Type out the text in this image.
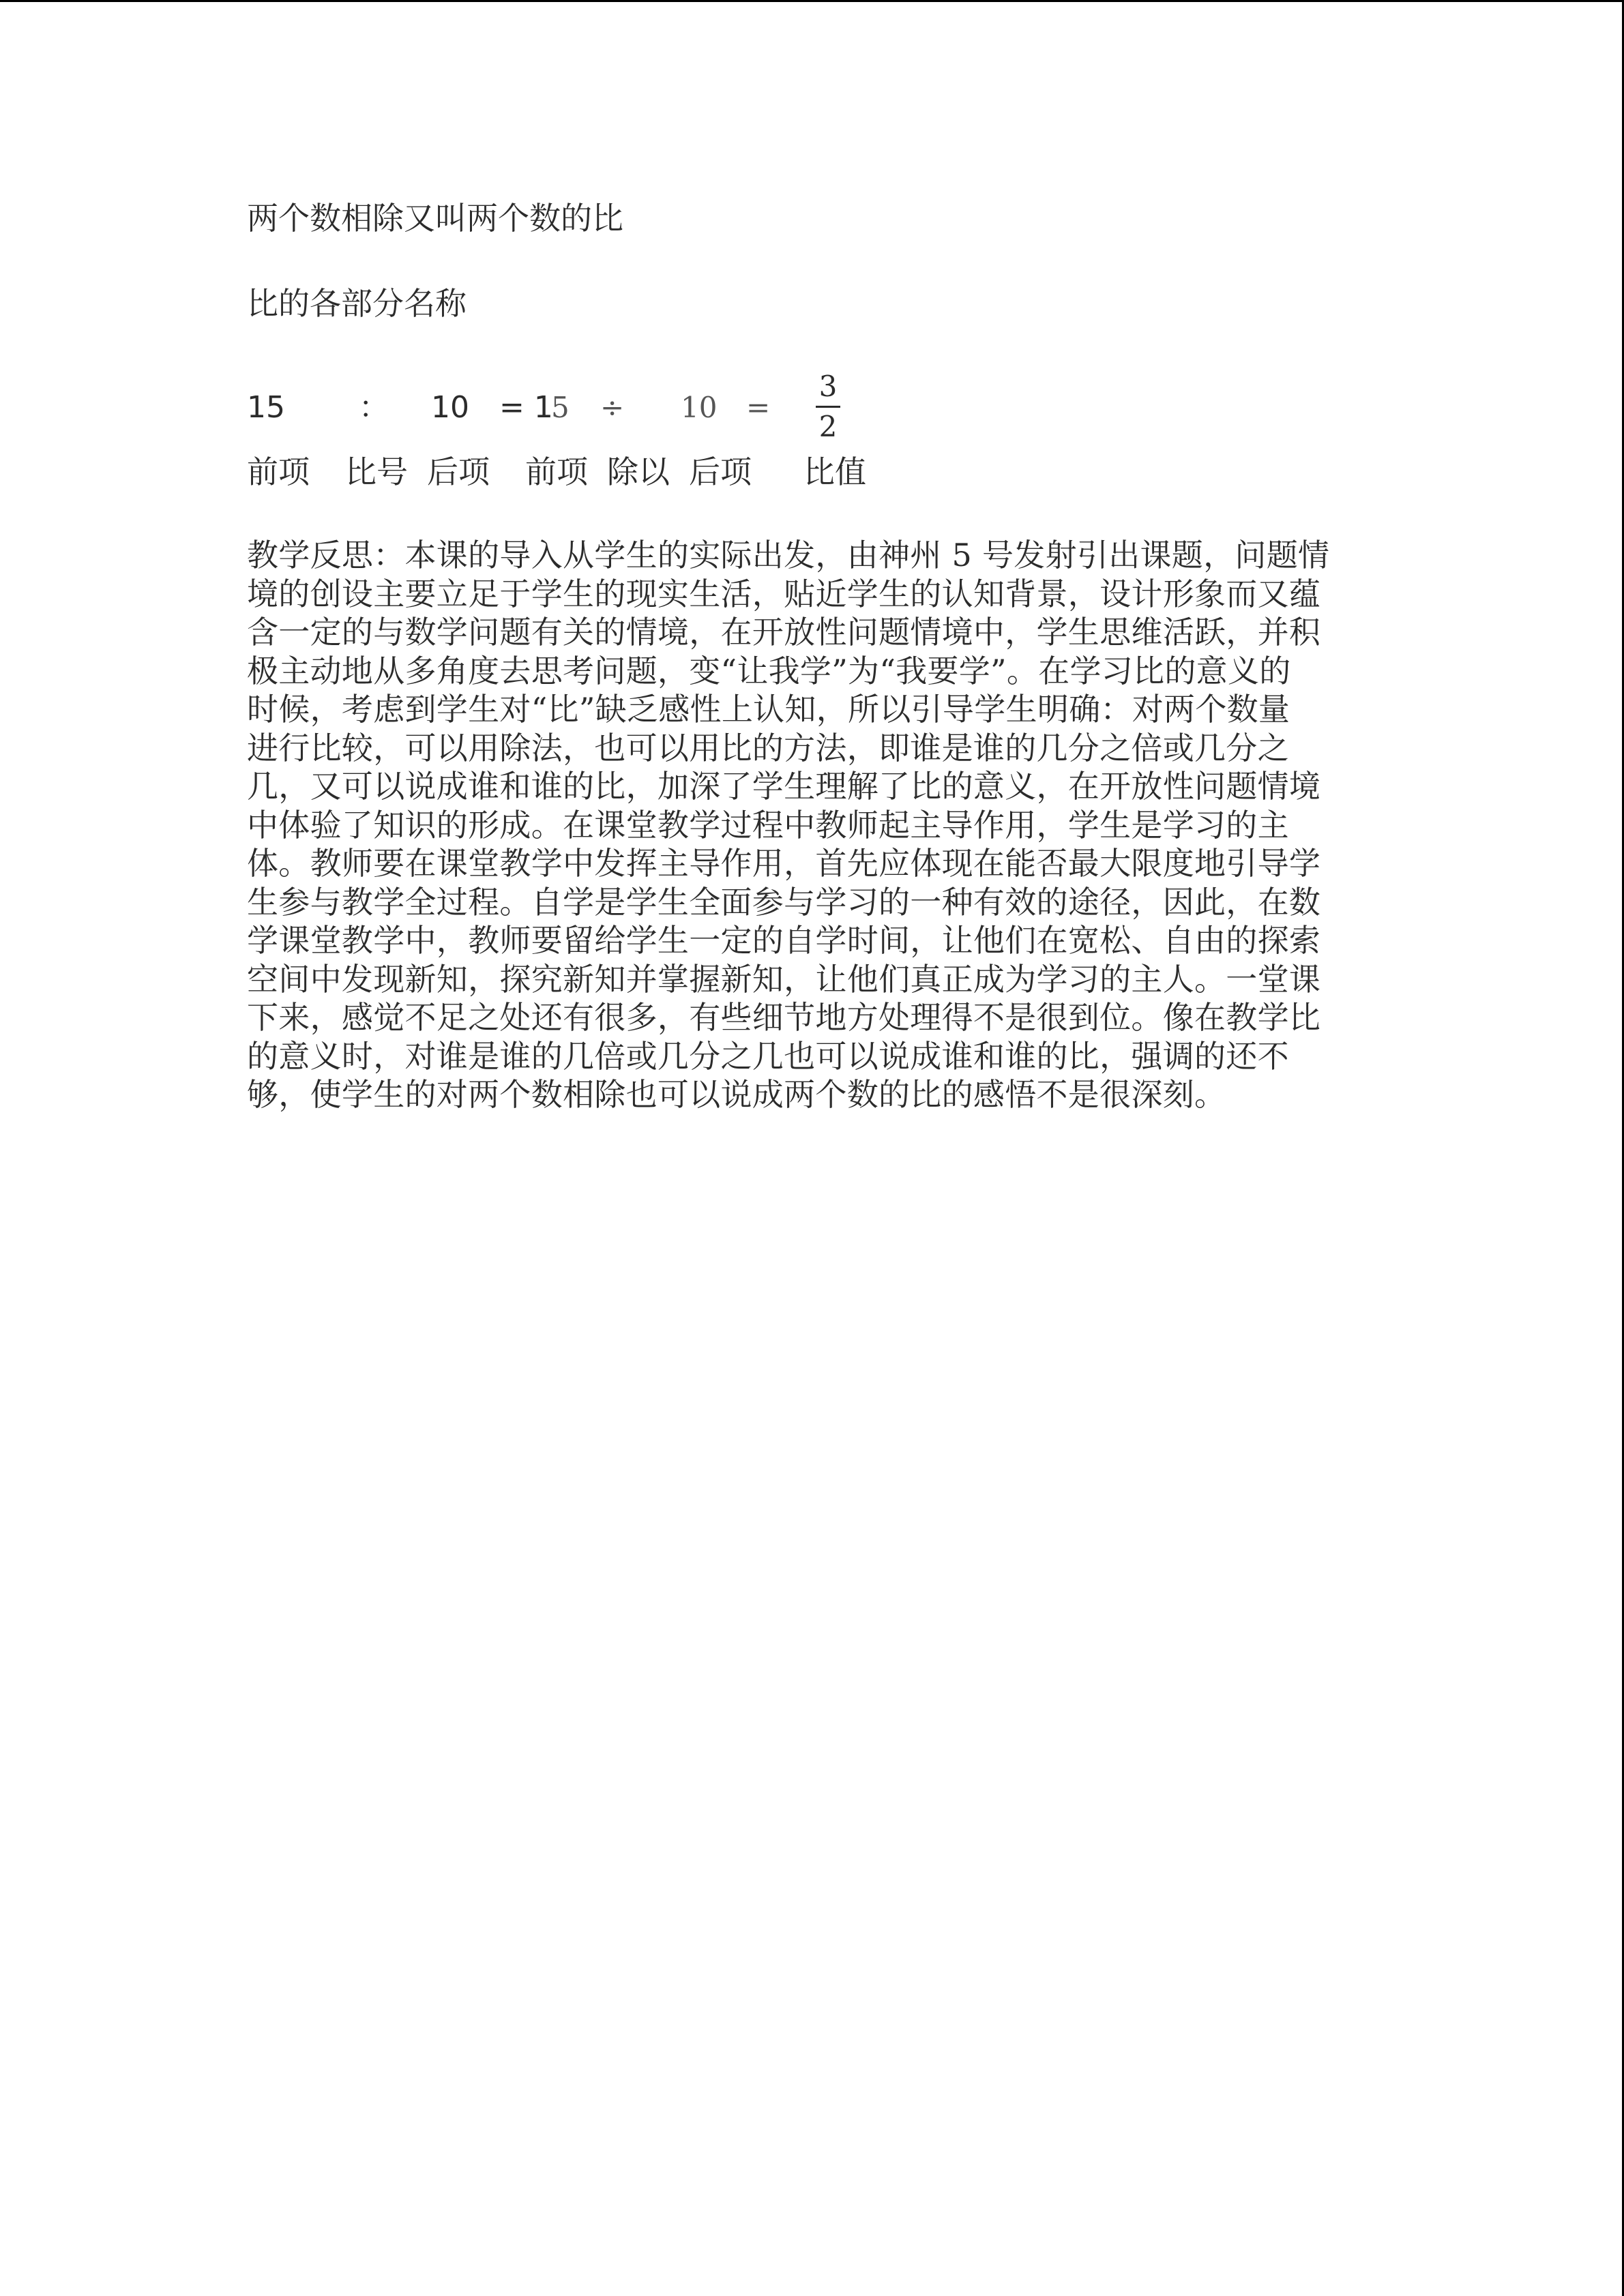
两个数相除又叫两个数的比
比的各部分名称
15 ： 10 = 1
5 ÷ 10 =
3
2
前项 比号 后项 前项 除以 后项 比值
教学反思：本课的导入从学生的实际出发，由神州 5 号发射引出课题，问题情
境的创设主要立足于学生的现实生活，贴近学生的认知背景，设计形象而又蕴
含一定的与数学问题有关的情境，在开放性问题情境中，学生思维活跃，并积
极主动地从多角度去思考问题，变“让我学”为“我要学”。在学习比的意义的
时候，考虑到学生对“比”缺乏感性上认知，所以引导学生明确：对两个数量
进行比较，可以用除法，也可以用比的方法，即谁是谁的几分之倍或几分之
几，又可以说成谁和谁的比，加深了学生理解了比的意义，在开放性问题情境
中体验了知识的形成。在课堂教学过程中教师起主导作用，学生是学习的主
体。教师要在课堂教学中发挥主导作用，首先应体现在能否最大限度地引导学
生参与教学全过程。自学是学生全面参与学习的一种有效的途径，因此，在数
学课堂教学中，教师要留给学生一定的自学时间，让他们在宽松、自由的探索
空间中发现新知，探究新知并掌握新知，让他们真正成为学习的主人。一堂课
下来，感觉不足之处还有很多，有些细节地方处理得不是很到位。像在教学比
的意义时，对谁是谁的几倍或几分之几也可以说成谁和谁的比，强调的还不
够，使学生的对两个数相除也可以说成两个数的比的感悟不是很深刻。
